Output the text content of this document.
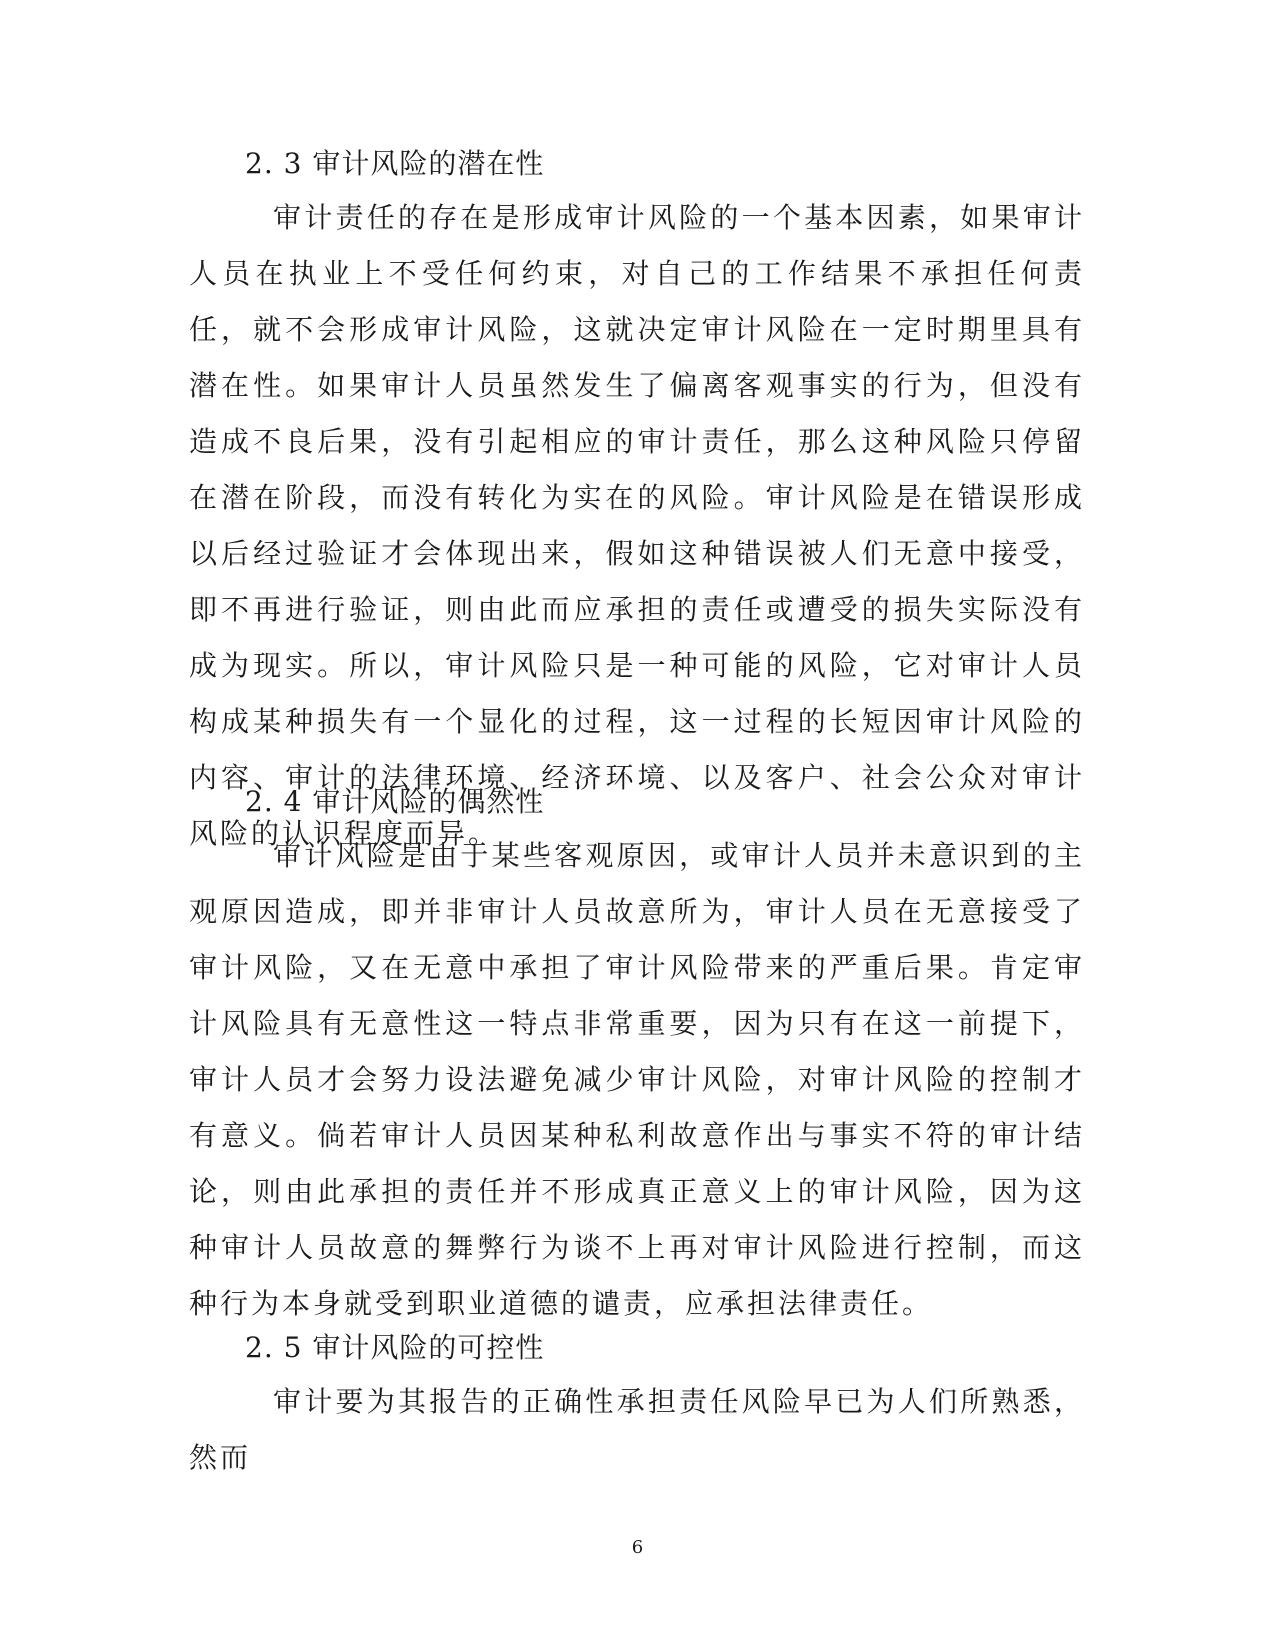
2. 3 审计风险的潜在性
审计责任的存在是形成审计风险的一个基本因素，如果审计人员在执业上不受任何约束，对自己的工作结果不承担任何责任，就不会形成审计风险，这就决定审计风险在一定时期里具有潜在性。如果审计人员虽然发生了偏离客观事实的行为，但没有造成不良后果，没有引起相应的审计责任，那么这种风险只停留在潜在阶段，而没有转化为实在的风险。审计风险是在错误形成以后经过验证才会体现出来，假如这种错误被人们无意中接受，即不再进行验证，则由此而应承担的责任或遭受的损失实际没有成为现实。所以，审计风险只是一种可能的风险，它对审计人员构成某种损失有一个显化的过程，这一过程的长短因审计风险的内容、审计的法律环境、经济环境、以及客户、社会公众对审计风险的认识程度而异。
2. 4 审计风险的偶然性
审计风险是由于某些客观原因，或审计人员并未意识到的主观原因造成，即并非审计人员故意所为，审计人员在无意接受了审计风险，又在无意中承担了审计风险带来的严重后果。肯定审计风险具有无意性这一特点非常重要，因为只有在这一前提下，审计人员才会努力设法避免减少审计风险，对审计风险的控制才有意义。倘若审计人员因某种私利故意作出与事实不符的审计结论，则由此承担的责任并不形成真正意义上的审计风险，因为这种审计人员故意的舞弊行为谈不上再对审计风险进行控制，而这种行为本身就受到职业道德的谴责，应承担法律责任。
2. 5 审计风险的可控性
审计要为其报告的正确性承担责任风险早已为人们所熟悉，然而
6
